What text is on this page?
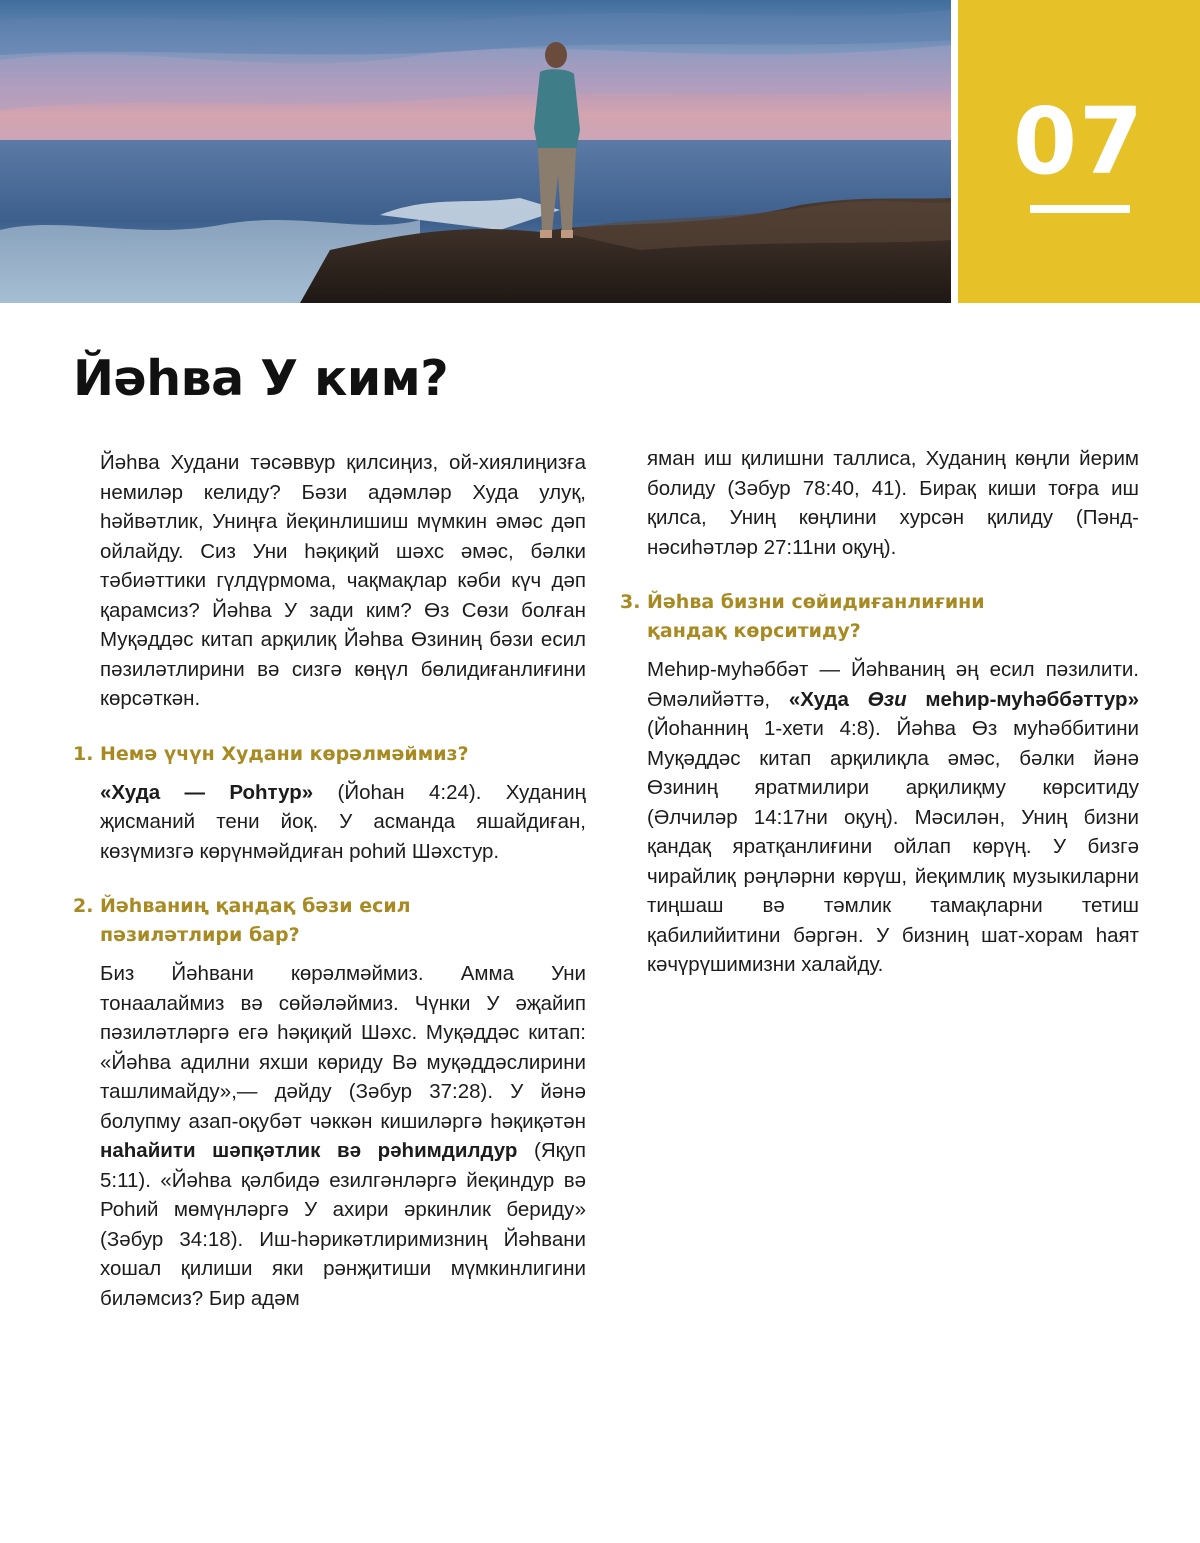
07
Йәһва У ким?

Йәһва Худани тәсәввур қилсиңиз, ой-хиялиңизға немиләр келиду? Бәзи адәмләр Худа улуқ, һәйвәтлик, Униңға йеқинлишиш мүмкин әмәс дәп ойлайду. Сиз Уни һәқиқий шәхс әмәс, бәлки тәбиәттики гүлдүрмома, чақмақлар кәби күч дәп қарамсиз? Йәһва У зади ким? Өз Сөзи болған Муқәддәс китап арқилиқ Йәһва Өзиниң бәзи есил пәзиләтлирини вә сизгә көңүл бөлидиғанлиғини көрсәткән.

1. Немә үчүн Худани көрәлмәймиз?

«Худа — Роһтур» (Йоһан 4:24). Худаниң җисманий тени йоқ. У асманда яшайдиған, көзүмизгә көрүнмәйдиған роһий Шәхстур.

2. Йәһваниң қандақ бәзи есил
пәзиләтлири бар?

Биз Йәһвани көрәлмәймиз. Амма Уни тонаалаймиз вә сөйәләймиз. Чүнки У әҗайип пәзиләтләргә егә һәқиқий Шәхс. Муқәддәс китап: «Йәһва адилни яхши көриду Вә муқәддәслирини ташлимайду»,— дәйду (Зәбур 37:28). У йәнә болупму азап-оқубәт чәккән кишиләргә һәқиқәтән наһайити шәпқәтлик вә рәһимдилдур (Яқуп 5:11). «Йәһва қәлбидә езилгәнләргә йеқиндур вә Роһий мөмүнләргә У ахири әркинлик бериду» (Зәбур 34:18). Иш-һәрикәтлиримизниң Йәһвани хошал қилиши яки рәнҗитиши мүмкинлигини биләмсиз? Бир адәм

яман иш қилишни таллиса, Худаниң көңли йерим болиду (Зәбур 78:40, 41). Бирақ киши тоғра иш қилса, Униң көңлини хурсән қилиду (Пәнд-нәсиһәтләр 27:11ни оқуң).

3. Йәһва бизни сөйидиғанлиғини
қандақ көрситиду?

Меһир-муһәббәт — Йәһваниң әң есил пәзилити. Әмәлийәттә, «Худа Өзи меһир-муһәббәттур» (Йоһанниң 1-хети 4:8). Йәһва Өз муһәббитини Муқәддәс китап арқилиқла әмәс, бәлки йәнә Өзиниң яратмилири арқилиқму көрситиду (Әлчиләр 14:17ни оқуң). Мәсилән, Униң бизни қандақ яратқанлиғини ойлап көрүң. У бизгә чирайлиқ рәңләрни көрүш, йеқимлиқ музыкиларни тиңшаш вә тәмлик тамақларни тетиш қабилийитини бәргән. У бизниң шат-хорам һаят кәчүрүшимизни халайду.
